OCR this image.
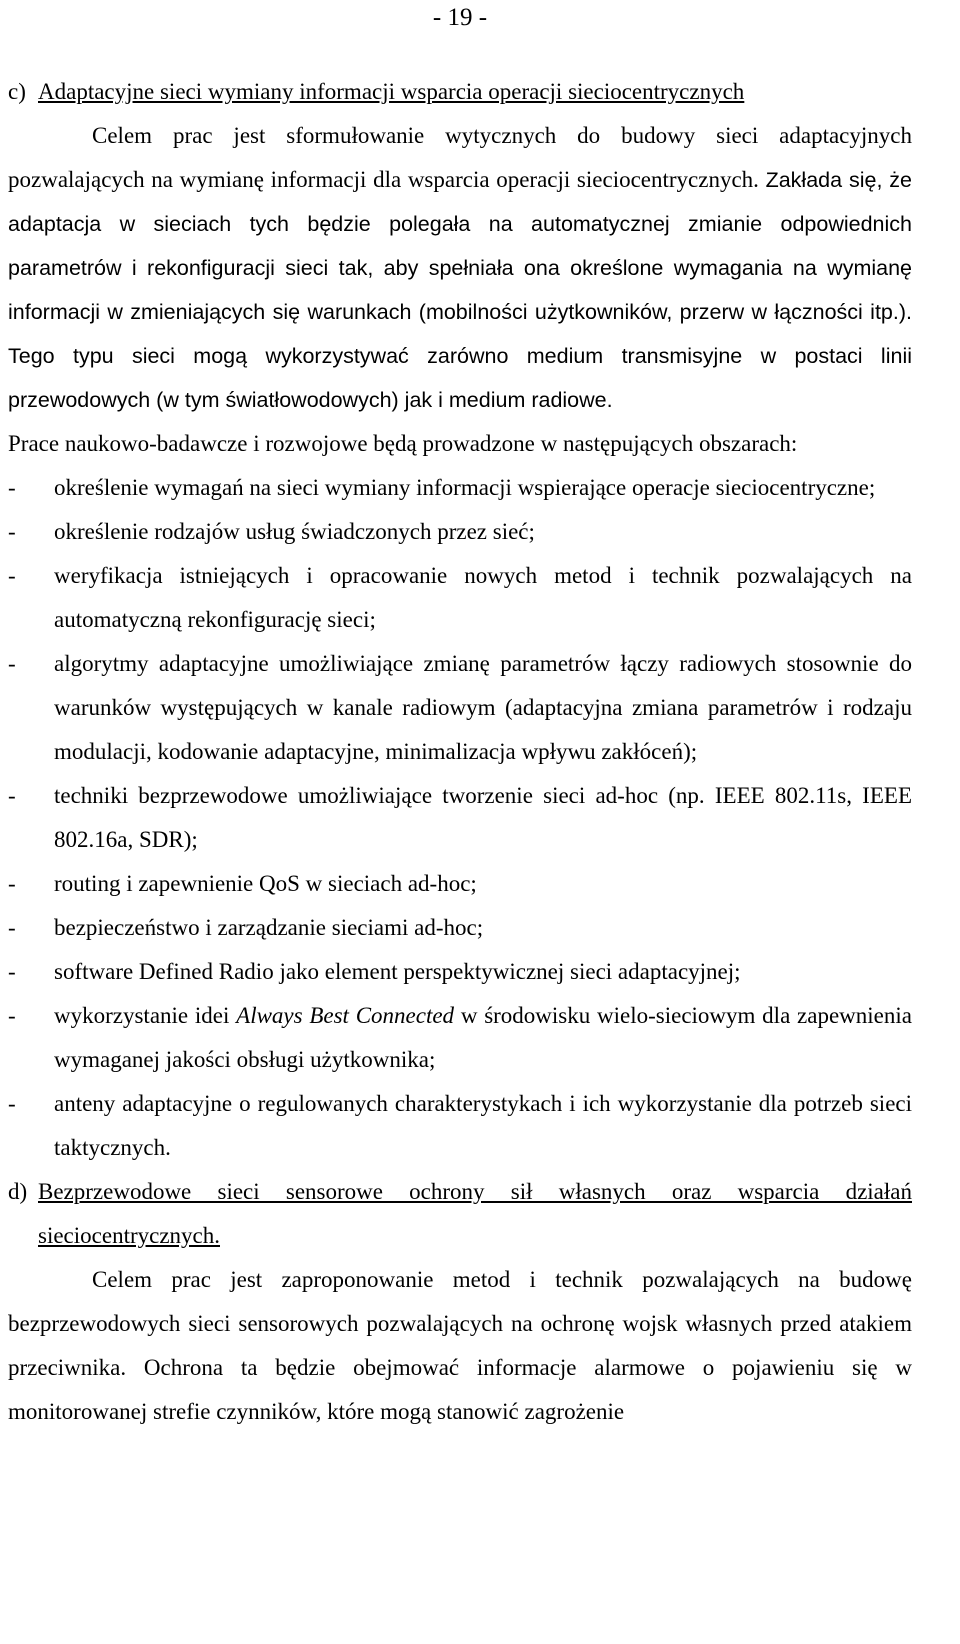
- 19 -
c) Adaptacyjne sieci wymiany informacji wsparcia operacji sieciocentrycznych

Celem prac jest sformułowanie wytycznych do budowy sieci adaptacyjnych pozwalających na wymianę informacji dla wsparcia operacji sieciocentrycznych. Zakłada się, że adaptacja w sieciach tych będzie polegała na automatycznej zmianie odpowiednich parametrów i rekonfiguracji sieci tak, aby spełniała ona określone wymagania na wymianę informacji w zmieniających się warunkach (mobilności użytkowników, przerw w łączności itp.). Tego typu sieci mogą wykorzystywać zarówno medium transmisyjne w postaci linii przewodowych (w tym światłowodowych) jak i medium radiowe.

Prace naukowo-badawcze i rozwojowe będą prowadzone w następujących obszarach:

-	określenie wymagań na sieci wymiany informacji wspierające operacje sieciocentryczne;
-	określenie rodzajów usług świadczonych przez sieć;
-	weryfikacja istniejących i opracowanie nowych metod i technik pozwalających na automatyczną rekonfigurację sieci;
-	algorytmy adaptacyjne umożliwiające zmianę parametrów łączy radiowych stosownie do warunków występujących w kanale radiowym (adaptacyjna zmiana parametrów i rodzaju modulacji, kodowanie adaptacyjne, minimalizacja wpływu zakłóceń);
-	techniki bezprzewodowe umożliwiające tworzenie sieci ad-hoc (np. IEEE 802.11s, IEEE 802.16a, SDR);
-	routing i zapewnienie QoS w sieciach ad-hoc;
-	bezpieczeństwo i zarządzanie sieciami ad-hoc;
-	software Defined Radio jako element perspektywicznej sieci adaptacyjnej;
-	wykorzystanie idei Always Best Connected w środowisku wielo-sieciowym dla zapewnienia wymaganej jakości obsługi użytkownika;
-	anteny adaptacyjne o regulowanych charakterystykach i ich wykorzystanie dla potrzeb sieci taktycznych.
d) Bezprzewodowe sieci sensorowe ochrony sił własnych oraz wsparcia działań sieciocentrycznych.

Celem prac jest zaproponowanie metod i technik pozwalających na budowę bezprzewodowych sieci sensorowych pozwalających na ochronę wojsk własnych przed atakiem przeciwnika. Ochrona ta będzie obejmować informacje alarmowe o pojawieniu się w monitorowanej strefie czynników, które mogą stanowić zagrożenie
